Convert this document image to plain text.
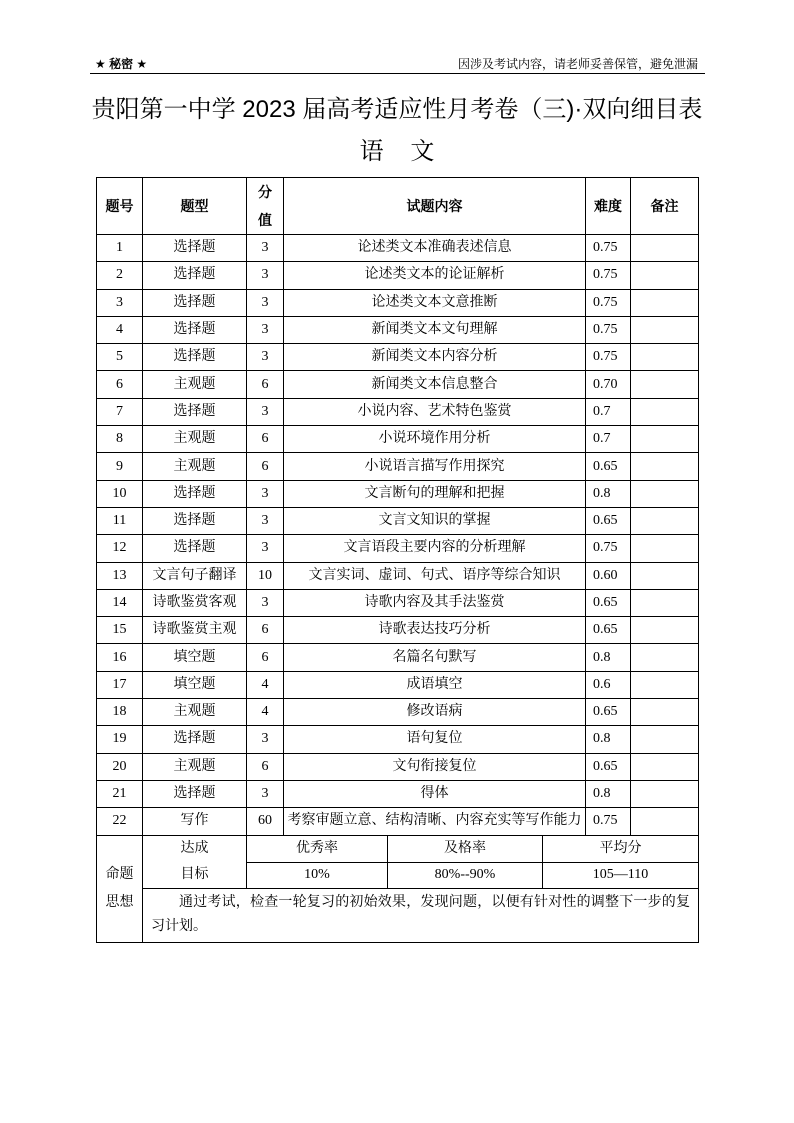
★ 秘密 ★	因涉及考试内容，请老师妥善保管，避免泄漏
贵阳第一中学 2023 届高考适应性月考卷（三)·双向细目表
语 文
题号	题型	分值	试题内容			难度	备注
1	选择题	3	论述类文本准确表述信息			0.75	
2	选择题	3	论述类文本的论证解析			0.75	
3	选择题	3	论述类文本文意推断			0.75	
4	选择题	3	新闻类文本文句理解			0.75	
5	选择题	3	新闻类文本内容分析			0.75	
6	主观题	6	新闻类文本信息整合			0.70	
7	选择题	3	小说内容、艺术特色鉴赏			0.7	
8	主观题	6	小说环境作用分析			0.7	
9	主观题	6	小说语言描写作用探究			0.65	
10	选择题	3	文言断句的理解和把握			0.8	
11	选择题	3	文言文知识的掌握			0.65	
12	选择题	3	文言语段主要内容的分析理解			0.75	
13	文言句子翻译	10	文言实词、虚词、句式、语序等综合知识			0.60	
14	诗歌鉴赏客观	3	诗歌内容及其手法鉴赏			0.65	
15	诗歌鉴赏主观	6	诗歌表达技巧分析			0.65	
16	填空题	6	名篇名句默写			0.8	
17	填空题	4	成语填空			0.6	
18	主观题	4	修改语病			0.65	
19	选择题	3	语句复位			0.8	
20	主观题	6	文句衔接复位			0.65	
21	选择题	3	得体			0.8	
22	写作	60	考察审题立意、结构清晰、内容充实等写作能力			0.75	
命题思想	达成目标	优秀率		及格率	平均分		
		10%		80%--90%	105—110		
	通过考试，检查一轮复习的初始效果，发现问题，以便有针对性的调整下一步的复习计划。						
